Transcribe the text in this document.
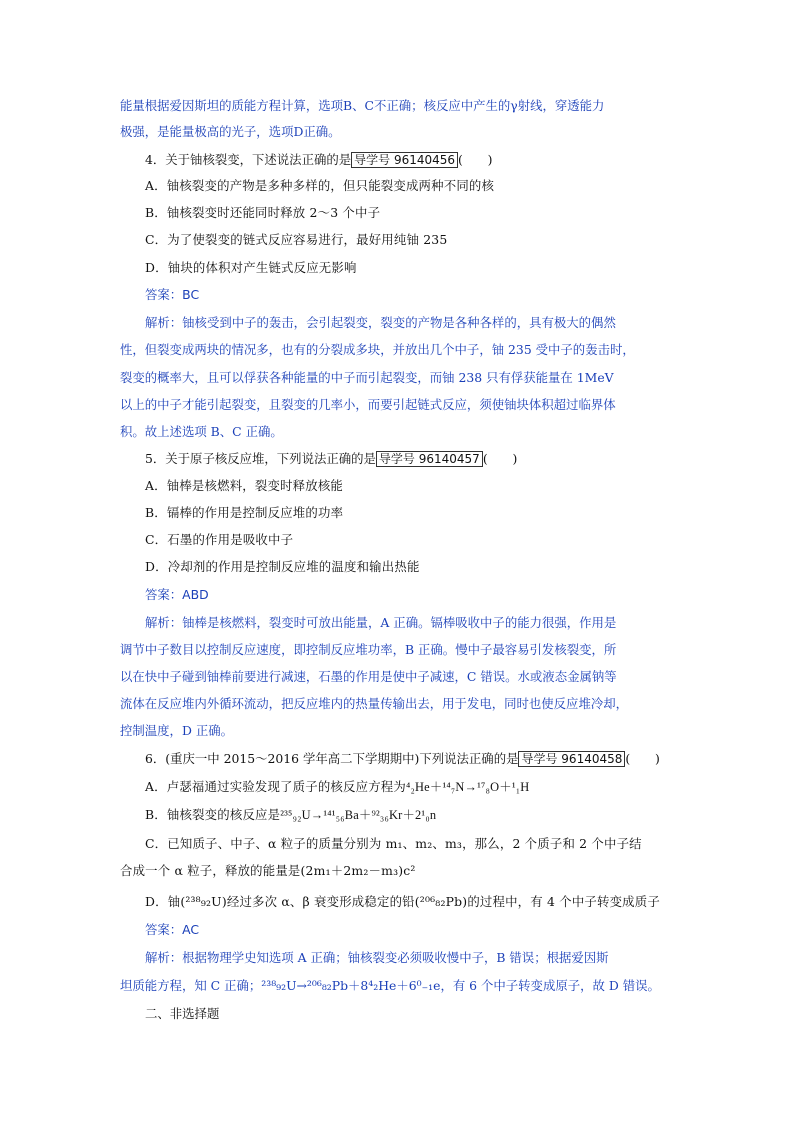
能量根据爱因斯坦的质能方程计算，选项B、C不正确；核反应中产生的γ射线，穿透能力
极强，是能量极高的光子，选项D正确。
4．关于铀核裂变，下述说法正确的是 导学号 96140456 (　　)
A．铀核裂变的产物是多种多样的，但只能裂变成两种不同的核
B．铀核裂变时还能同时释放 2～3 个中子
C．为了使裂变的链式反应容易进行，最好用纯铀 235
D．铀块的体积对产生链式反应无影响
答案：BC
解析：铀核受到中子的轰击，会引起裂变，裂变的产物是各种各样的，具有极大的偶然
性，但裂变成两块的情况多，也有的分裂成多块，并放出几个中子，铀 235 受中子的轰击时，
裂变的概率大，且可以俘获各种能量的中子而引起裂变，而铀 238 只有俘获能量在 1MeV
以上的中子才能引起裂变，且裂变的几率小，而要引起链式反应，须使铀块体积超过临界体
积。故上述选项 B、C 正确。
5．关于原子核反应堆，下列说法正确的是 导学号 96140457 (　　)
A．铀棒是核燃料，裂变时释放核能
B．镉棒的作用是控制反应堆的功率
C．石墨的作用是吸收中子
D．冷却剂的作用是控制反应堆的温度和输出热能
答案：ABD
解析：铀棒是核燃料，裂变时可放出能量，A 正确。镉棒吸收中子的能力很强，作用是
调节中子数目以控制反应速度，即控制反应堆功率，B 正确。慢中子最容易引发核裂变，所
以在快中子碰到铀棒前要进行减速，石墨的作用是使中子减速，C 错误。水或液态金属钠等
流体在反应堆内外循环流动，把反应堆内的热量传输出去，用于发电，同时也使反应堆冷却，
控制温度，D 正确。
6．(重庆一中 2015～2016 学年高二下学期期中)下列说法正确的是 导学号 96140458 (　　)
A．卢瑟福通过实验发现了质子的核反应方程为⁴₂He＋¹⁴₇N→¹⁷₈O＋¹₁H
B．铀核裂变的核反应是²³⁵₉₂U→¹⁴¹₅₆Ba＋⁹²₃₆Kr＋2¹₀n
C．已知质子、中子、α 粒子的质量分别为 m₁、m₂、m₃，那么，2 个质子和 2 个中子结
合成一个 α 粒子，释放的能量是(2m₁＋2m₂－m₃)c²
D．铀(²³⁸₉₂U)经过多次 α、β 衰变形成稳定的铅(²⁰⁶₈₂Pb)的过程中，有 4 个中子转变成质子
答案：AC
解析：根据物理学史知选项 A 正确；铀核裂变必须吸收慢中子，B 错误；根据爱因斯
坦质能方程，知 C 正确；²³⁸₉₂U→²⁰⁶₈₂Pb＋8⁴₂He＋6⁰₋₁e，有 6 个中子转变成原子，故 D 错误。
二、非选择题
